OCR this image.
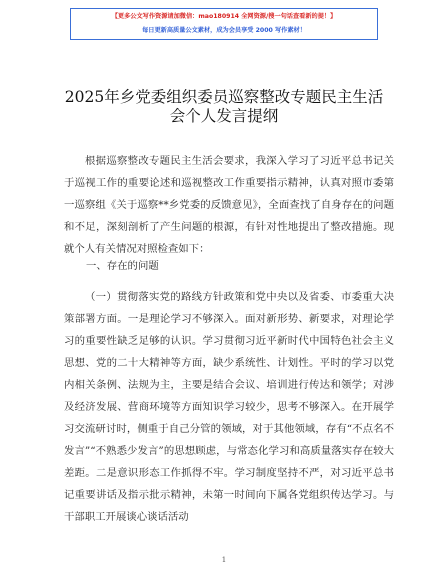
【更多公文写作资源请加微信：mao180914 全网资源/搜一句话查看新的提！】
每日更新高质量公文素材，成为会员享受 2000 写作素材！
2025年乡党委组织委员巡察整改专题民主生活
会个人发言提纲
根据巡察整改专题民主生活会要求，我深入学习了习近平总书记关于巡视工作的重要论述和巡视整改工作重要指示精神，认真对照市委第一巡察组《关于巡察**乡党委的反馈意见》，全面查找了自身存在的问题和不足，深刻剖析了产生问题的根源，有针对性地提出了整改措施。现就个人有关情况对照检查如下：
一、存在的问题
（一）贯彻落实党的路线方针政策和党中央以及省委、市委重大决策部署方面。一是理论学习不够深入。面对新形势、新要求，对理论学习的重要性缺乏足够的认识。学习贯彻习近平新时代中国特色社会主义思想、党的二十大精神等方面，缺少系统性、计划性。平时的学习以党内相关条例、法规为主，主要是结合会议、培训进行传达和领学；对涉及经济发展、营商环境等方面知识学习较少，思考不够深入。在开展学习交流研讨时，侧重于自己分管的领域，对于其他领域，存有“不点名不发言”“不熟悉少发言”的思想顾虑，与常态化学习和高质量落实存在较大差距。二是意识形态工作抓得不牢。学习制度坚持不严，对习近平总书记重要讲话及指示批示精神，未第一时间向下属各党组织传达学习。与干部职工开展谈心谈话活动
1
